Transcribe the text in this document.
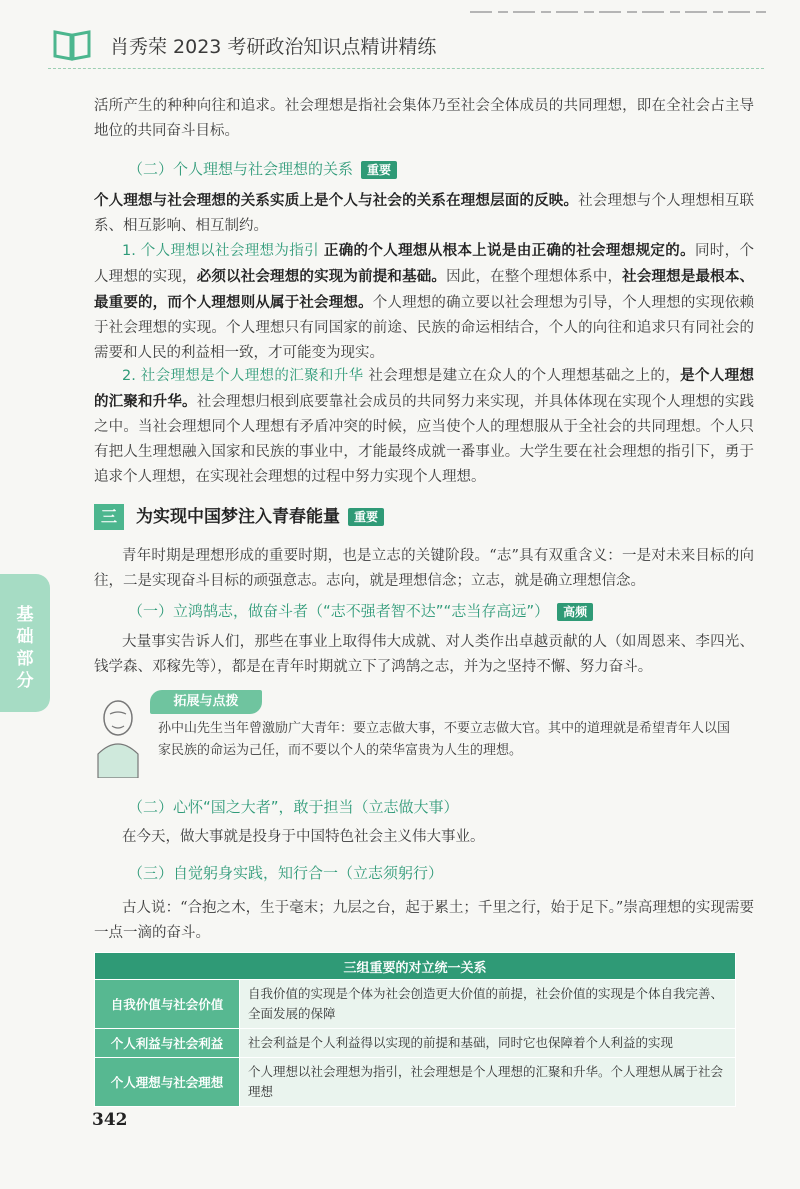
肖秀荣 2023 考研政治知识点精讲精练
活所产生的种种向往和追求。社会理想是指社会集体乃至社会全体成员的共同理想，即在全社会占主导地位的共同奋斗目标。
（二）个人理想与社会理想的关系 重要
个人理想与社会理想的关系实质上是个人与社会的关系在理想层面的反映。社会理想与个人理想相互联系、相互影响、相互制约。
1. 个人理想以社会理想为指引 正确的个人理想从根本上说是由正确的社会理想规定的。同时，个人理想的实现，必须以社会理想的实现为前提和基础。因此，在整个理想体系中，社会理想是最根本、最重要的，而个人理想则从属于社会理想。个人理想的确立要以社会理想为引导，个人理想的实现依赖于社会理想的实现。个人理想只有同国家的前途、民族的命运相结合，个人的向往和追求只有同社会的需要和人民的利益相一致，才可能变为现实。
2. 社会理想是个人理想的汇聚和升华 社会理想是建立在众人的个人理想基础之上的，是个人理想的汇聚和升华。社会理想归根到底要靠社会成员的共同努力来实现，并具体体现在实现个人理想的实践之中。当社会理想同个人理想有矛盾冲突的时候，应当使个人的理想服从于全社会的共同理想。个人只有把人生理想融入国家和民族的事业中，才能最终成就一番事业。大学生要在社会理想的指引下，勇于追求个人理想，在实现社会理想的过程中努力实现个人理想。
三	为实现中国梦注入青春能量 重要
青年时期是理想形成的重要时期，也是立志的关键阶段。“志”具有双重含义：一是对未来目标的向往，二是实现奋斗目标的顽强意志。志向，就是理想信念；立志，就是确立理想信念。
（一）立鸿鹄志，做奋斗者（“志不强者智不达”“志当存高远”） 高频
大量事实告诉人们，那些在事业上取得伟大成就、对人类作出卓越贡献的人（如周恩来、李四光、钱学森、邓稼先等），都是在青年时期就立下了鸿鹄之志，并为之坚持不懈、努力奋斗。
基础部分
拓展与点拨
孙中山先生当年曾激励广大青年：要立志做大事，不要立志做大官。其中的道理就是希望青年人以国家民族的命运为己任，而不要以个人的荣华富贵为人生的理想。
（二）心怀“国之大者”，敢于担当（立志做大事）
在今天，做大事就是投身于中国特色社会主义伟大事业。
（三）自觉躬身实践，知行合一（立志须躬行）
古人说：“合抱之木，生于毫末；九层之台，起于累土；千里之行，始于足下。”崇高理想的实现需要一点一滴的奋斗。
三组重要的对立统一关系	
自我价值与社会价值	自我价值的实现是个体为社会创造更大价值的前提，社会价值的实现是个体自我完善、全面发展的保障
个人利益与社会利益	社会利益是个人利益得以实现的前提和基础，同时它也保障着个人利益的实现
个人理想与社会理想	个人理想以社会理想为指引，社会理想是个人理想的汇聚和升华。个人理想从属于社会理想
342
